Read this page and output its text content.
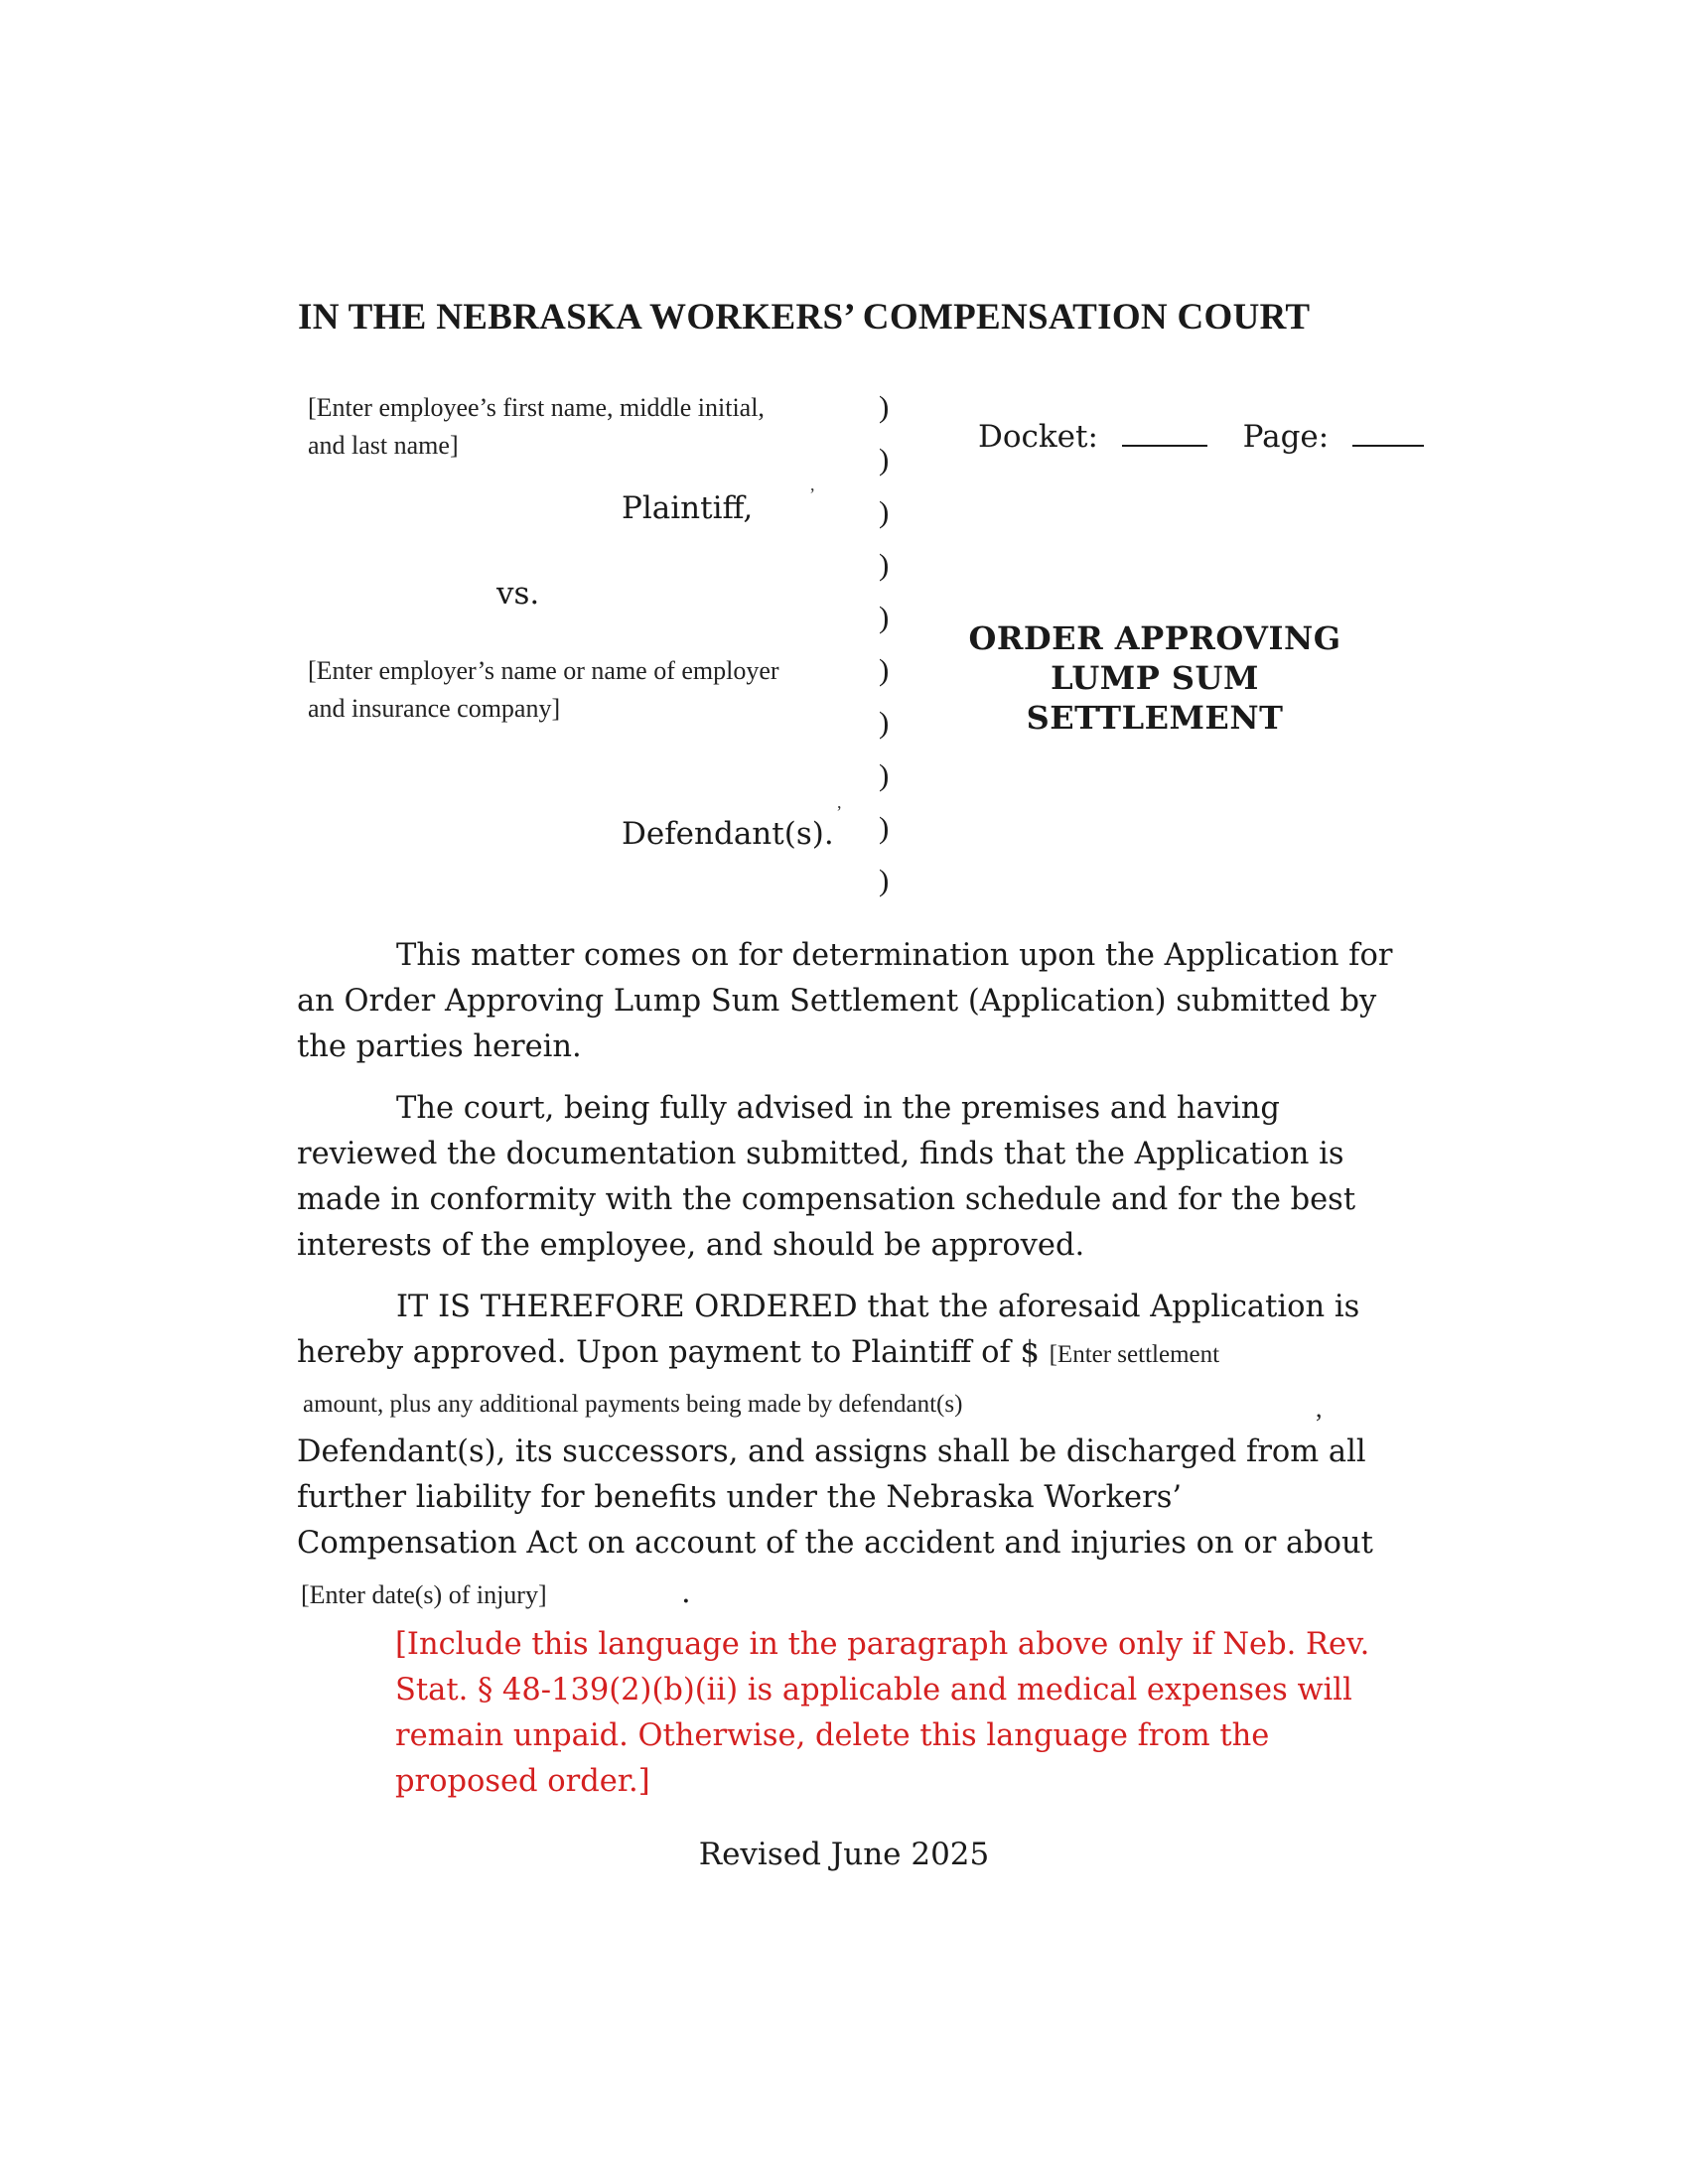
IN THE NEBRASKA WORKERS’ COMPENSATION COURT
[Enter employee’s first name, middle initial,
and last name]
,
Plaintiff,
vs.
[Enter employer’s name or name of employer
and insurance company]
,
Defendant(s).
)
)
)
)
)
)
)
)
)
)
Docket:	Page:
ORDER APPROVING
LUMP SUM
SETTLEMENT
This matter comes on for determination upon the Application for
an Order Approving Lump Sum Settlement (Application) submitted by
the parties herein.
The court, being fully advised in the premises and having
reviewed the documentation submitted, finds that the Application is
made in conformity with the compensation schedule and for the best
interests of the employee, and should be approved.
IT IS THEREFORE ORDERED that the aforesaid Application is
hereby approved. Upon payment to Plaintiff of $ [Enter settlement
amount, plus any additional payments being made by defendant(s)	,
Defendant(s), its successors, and assigns shall be discharged from all
further liability for benefits under the Nebraska Workers’
Compensation Act on account of the accident and injuries on or about
[Enter date(s) of injury]	.
[Include this language in the paragraph above only if Neb. Rev.
Stat. § 48-139(2)(b)(ii) is applicable and medical expenses will
remain unpaid. Otherwise, delete this language from the
proposed order.]
Revised June 2025
